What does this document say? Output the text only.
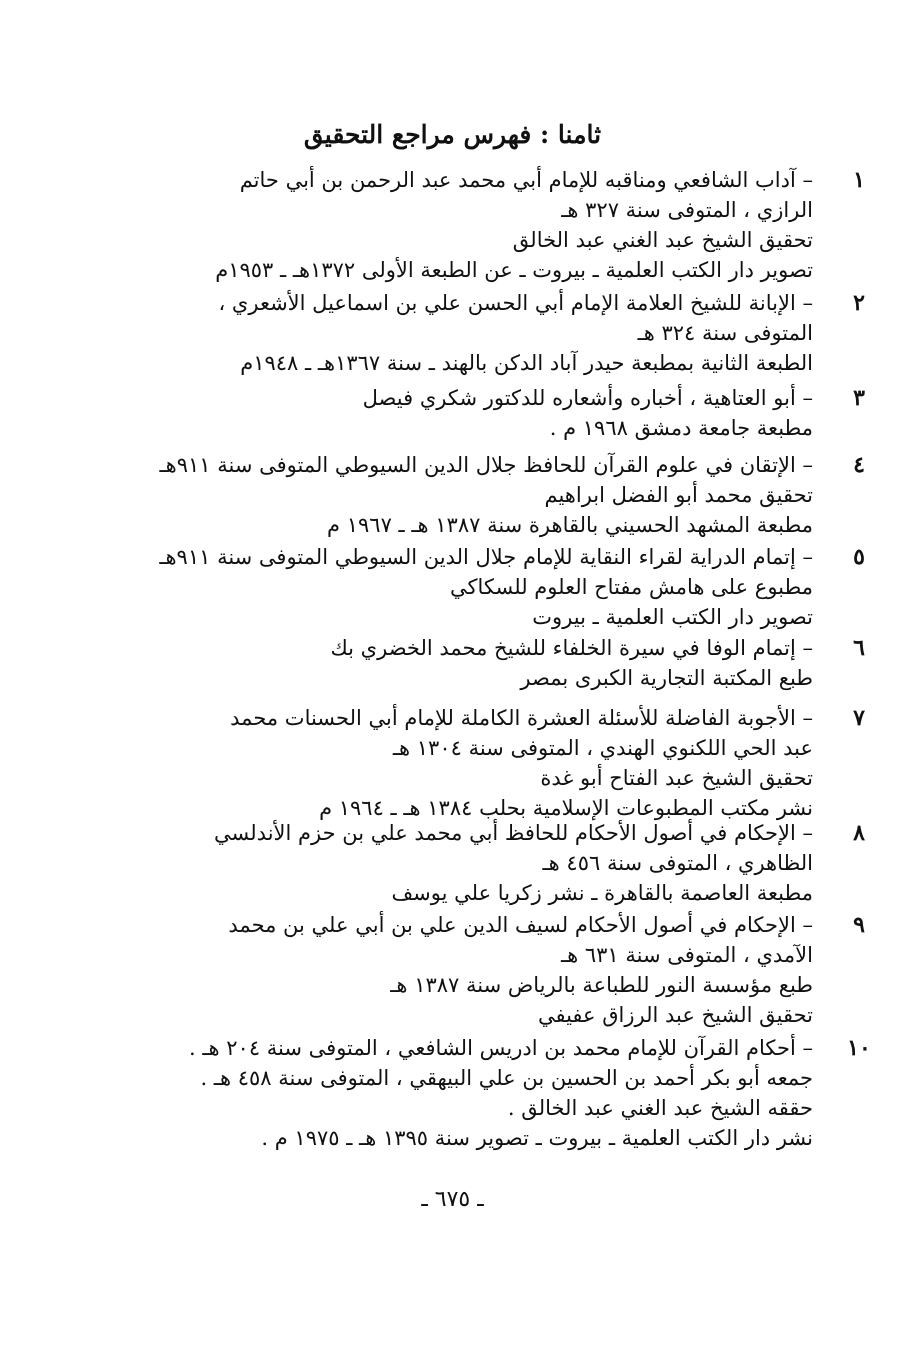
ثامنا : فهرس مراجع التحقيق
١
– آداب الشافعي ومناقبه للإمام أبي محمد عبد الرحمن بن أبي حاتم
الرازي ، المتوفى سنة ٣٢٧ هـ
تحقيق الشيخ عبد الغني عبد الخالق
تصوير دار الكتب العلمية ـ بيروت ـ عن الطبعة الأولى ١٣٧٢هـ ـ ١٩٥٣م
٢
– الإبانة للشيخ العلامة الإمام أبي الحسن علي بن اسماعيل الأشعري ،
المتوفى سنة ٣٢٤ هـ
الطبعة الثانية بمطبعة حيدر آباد الدكن بالهند ـ سنة ١٣٦٧هـ ـ ١٩٤٨م
٣
– أبو العتاهية ، أخباره وأشعاره للدكتور شكري فيصل
مطبعة جامعة دمشق ١٩٦٨ م .
٤
– الإتقان في علوم القرآن للحافظ جلال الدين السيوطي المتوفى سنة ٩١١هـ
تحقيق محمد أبو الفضل ابراهيم
مطبعة المشهد الحسيني بالقاهرة سنة ١٣٨٧ هـ ـ ١٩٦٧ م
٥
– إتمام الدراية لقراء النقاية للإمام جلال الدين السيوطي المتوفى سنة ٩١١هـ
مطبوع على هامش مفتاح العلوم للسكاكي
تصوير دار الكتب العلمية ـ بيروت
٦
– إتمام الوفا في سيرة الخلفاء للشيخ محمد الخضري بك
طبع المكتبة التجارية الكبرى بمصر
٧
– الأجوبة الفاضلة للأسئلة العشرة الكاملة للإمام أبي الحسنات محمد
عبد الحي اللكنوي الهندي ، المتوفى سنة ١٣٠٤ هـ
تحقيق الشيخ عبد الفتاح أبو غدة
نشر مكتب المطبوعات الإسلامية بحلب ١٣٨٤ هـ ـ ١٩٦٤ م
٨
– الإحكام في أصول الأحكام للحافظ أبي محمد علي بن حزم الأندلسي
الظاهري ، المتوفى سنة ٤٥٦ هـ
مطبعة العاصمة بالقاهرة ـ نشر زكريا علي يوسف
٩
– الإحكام في أصول الأحكام لسيف الدين علي بن أبي علي بن محمد
الآمدي ، المتوفى سنة ٦٣١ هـ
طبع مؤسسة النور للطباعة بالرياض سنة ١٣٨٧ هـ
تحقيق الشيخ عبد الرزاق عفيفي
١٠
– أحكام القرآن للإمام محمد بن ادريس الشافعي ، المتوفى سنة ٢٠٤ هـ .
جمعه أبو بكر أحمد بن الحسين بن علي البيهقي ، المتوفى سنة ٤٥٨ هـ .
حققه الشيخ عبد الغني عبد الخالق .
نشر دار الكتب العلمية ـ بيروت ـ تصوير سنة ١٣٩٥ هـ ـ ١٩٧٥ م .
ـ ٦٧٥ ـ
